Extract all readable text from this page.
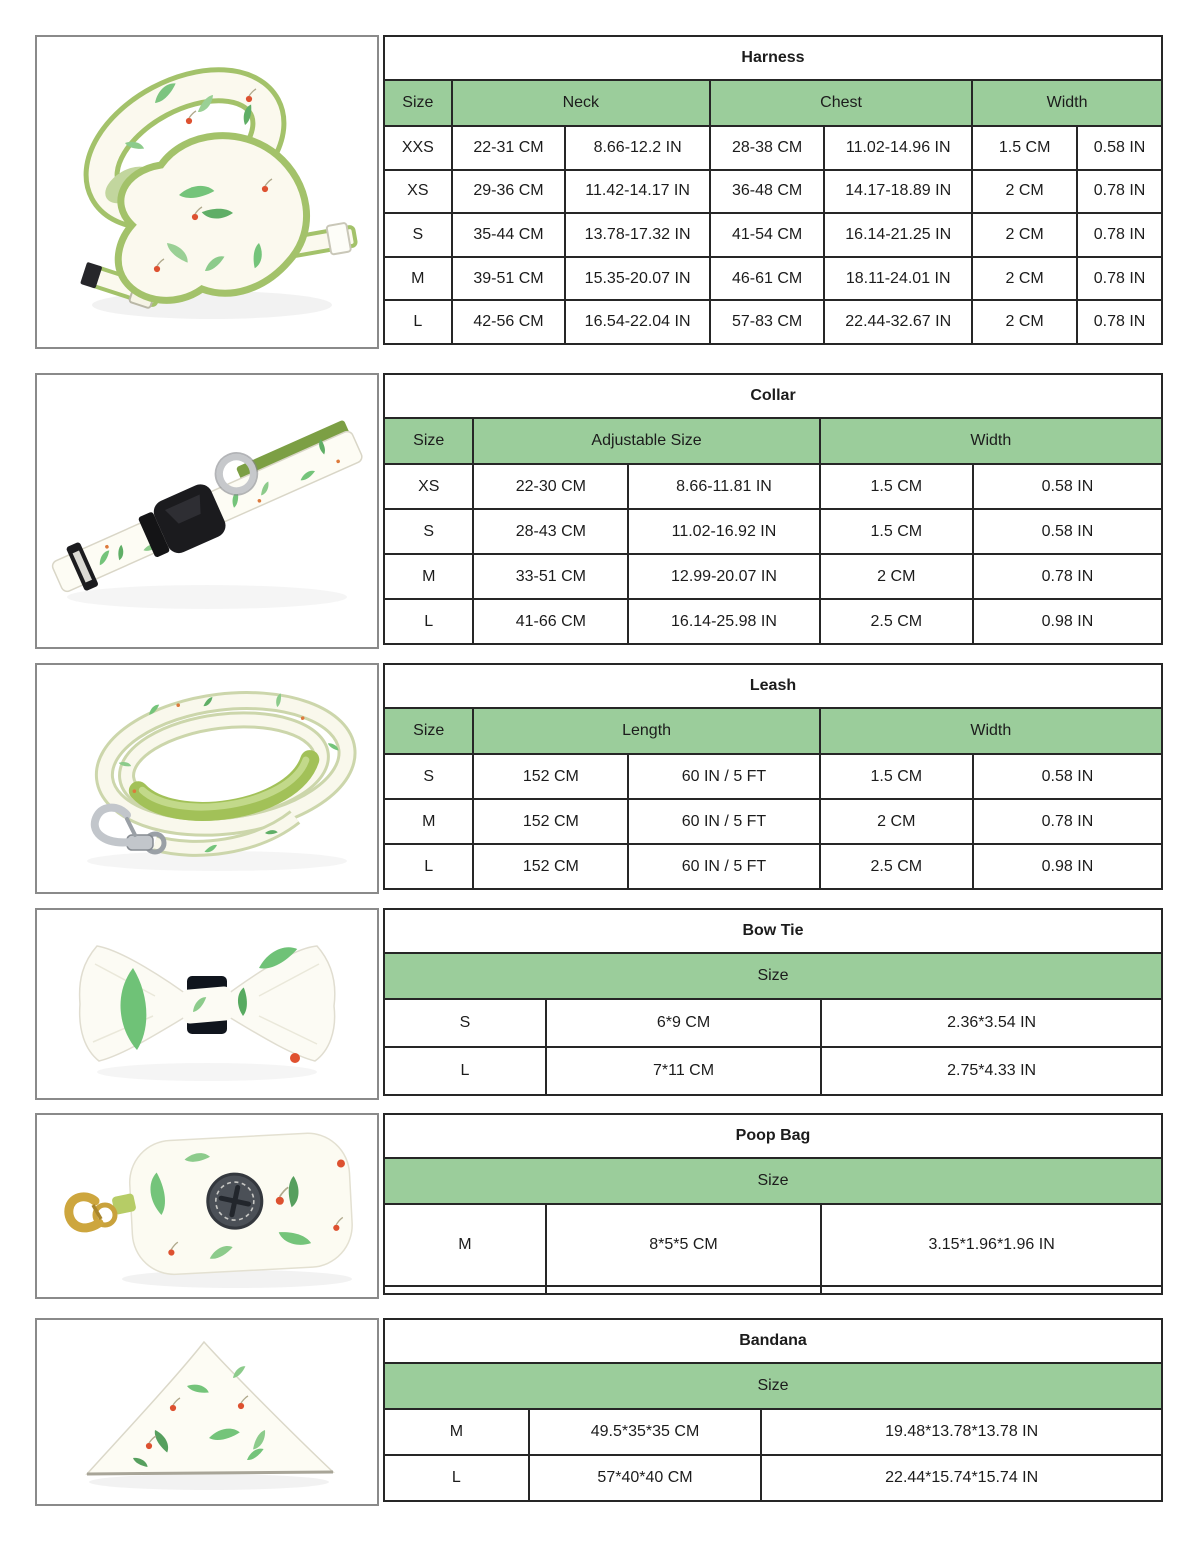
Harness						
Size	Neck		Chest		Width	
XXS	22-31 CM	8.66-12.2 IN	28-38 CM	11.02-14.96 IN	1.5 CM	0.58 IN
XS	29-36 CM	11.42-14.17 IN	36-48 CM	14.17-18.89 IN	2 CM	0.78 IN
S	35-44 CM	13.78-17.32 IN	41-54 CM	16.14-21.25 IN	2 CM	0.78 IN
M	39-51 CM	15.35-20.07 IN	46-61 CM	18.11-24.01 IN	2 CM	0.78 IN
L	42-56 CM	16.54-22.04 IN	57-83 CM	22.44-32.67 IN	2 CM	0.78 IN
Collar				
Size	Adjustable Size		Width	
XS	22-30 CM	8.66-11.81 IN	1.5 CM	0.58 IN
S	28-43 CM	11.02-16.92 IN	1.5 CM	0.58 IN
M	33-51 CM	12.99-20.07 IN	2 CM	0.78 IN
L	41-66 CM	16.14-25.98 IN	2.5 CM	0.98 IN
Leash				
Size	Length		Width	
S	152 CM	60 IN / 5 FT	1.5 CM	0.58 IN
M	152 CM	60 IN / 5 FT	2 CM	0.78 IN
L	152 CM	60 IN / 5 FT	2.5 CM	0.98 IN
Bow Tie		
Size		
S	6*9 CM	2.36*3.54 IN
L	7*11 CM	2.75*4.33 IN
Poop Bag		
Size		
M	8*5*5 CM	3.15*1.96*1.96 IN

Bandana		
Size		
M	49.5*35*35 CM	19.48*13.78*13.78 IN
L	57*40*40 CM	22.44*15.74*15.74 IN
